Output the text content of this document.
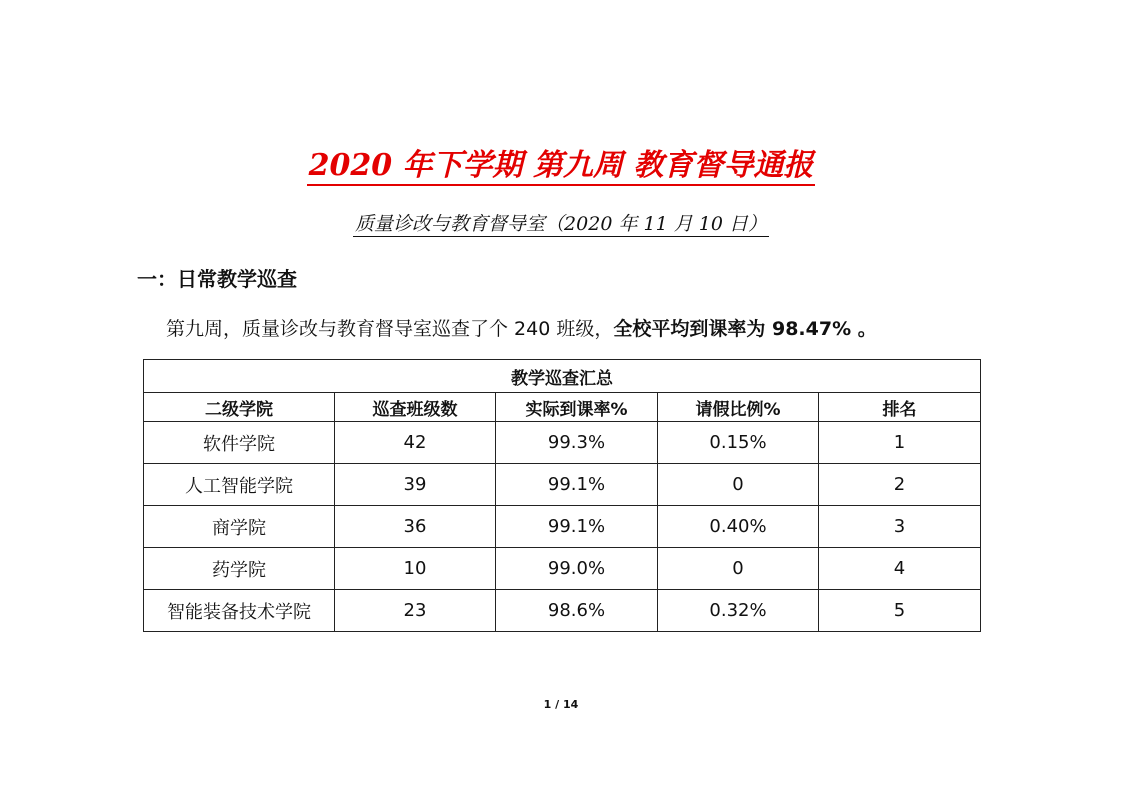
2020 年下学期 第九周 教育督导通报
质量诊改与教育督导室（2020 年 11 月 10 日）
一：日常教学巡查
第九周，质量诊改与教育督导室巡查了个 240 班级，全校平均到课率为 98.47% 。
教学巡查汇总				
二级学院	巡查班级数	实际到课率%	请假比例%	排名
软件学院	42	99.3%	0.15%	1
人工智能学院	39	99.1%	0	2
商学院	36	99.1%	0.40%	3
药学院	10	99.0%	0	4
智能装备技术学院	23	98.6%	0.32%	5
1 / 14
